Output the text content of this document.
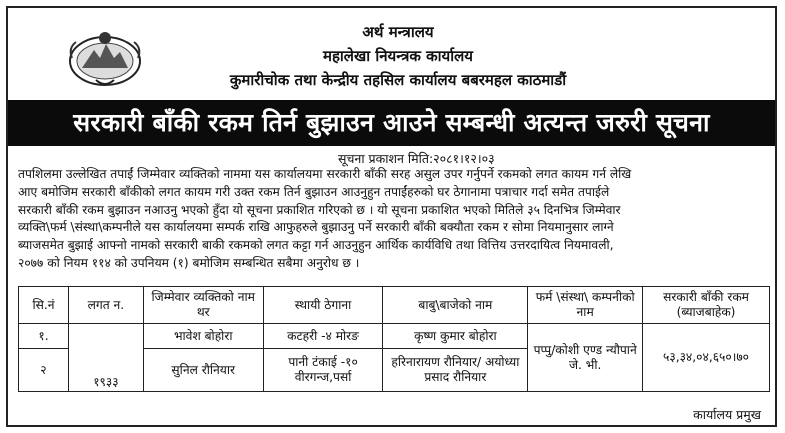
अर्थ मन्त्रालय
महालेखा नियन्त्रक कार्यालय
कुमारीचोक तथा केन्द्रीय तहसिल कार्यालय बबरमहल काठमाडौं
सरकारी बाँकी रकम तिर्न बुझाउन आउने सम्बन्धी अत्यन्त जरुरी सूचना
सूचना प्रकाशन मिति:२०८१।१२।०३
तपशिलमा उल्लेखित तपाईं जिम्मेवार व्यक्तिको नाममा यस कार्यालयमा सरकारी बाँकी सरह असुल उपर गर्नुपर्ने रकमको लगत कायम गर्न लेखि
आए बमोजिम सरकारी बाँकीको लगत कायम गरी उक्त रकम तिर्न बुझाउन आउनुहुन तपाईंहरुको घर ठेगानामा पत्राचार गर्दा समेत तपाईले
सरकारी बाँकी रकम बुझाउन नआउनु भएको हुँदा यो सूचना प्रकाशित गरिएको छ । यो सूचना प्रकाशित भएको मितिले ३५ दिनभित्र जिम्मेवार
व्यक्ति\फर्म \संस्था\कम्पनीले यस कार्यालयमा सम्पर्क राखि आफुहरुले बुझाउनु पर्ने सरकारी बाँकी बक्यौता रकम र सोमा नियमानुसार लाग्ने
ब्याजसमेत बुझाई आफ्नो नामको सरकारी बाकी रकमको लगत कट्टा गर्न आउनुहुन आर्थिक कार्यविधि तथा वित्तिय उत्तरदायित्व नियमावली,
२०७७ को नियम ११४ को उपनियम (१) बमोजिम सम्बन्धित सबैमा अनुरोध छ ।
सि.नं	लगत न.	जिम्मेवार व्यक्तिको नाम थर	स्थायी ठेगाना	बाबु\बाजेको नाम	फर्म \संस्था\ कम्पनीको नाम	सरकारी बाँकी रकम (ब्याजबाहेक)
१.	१९३३	भावेश बोहोरा	कटहरी -४ मोरङ	कृष्ण कुमार बोहोरा	पप्पु/कोशी एण्ड न्यौपाने जे. भी.	५३,३४,०४,६५०।७०
२		सुनिल रौनियार	पानी टंकाई -१० वीरगन्ज,पर्सा	हरिनारायण रौनियार/ अयोध्या प्रसाद रौनियार		
कार्यालय प्रमुख
